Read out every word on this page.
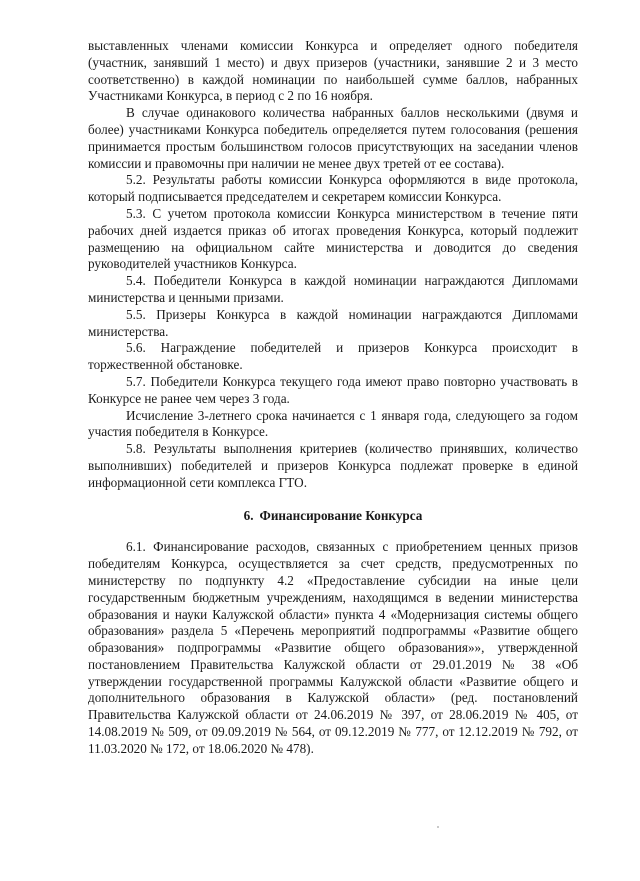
выставленных членами комиссии Конкурса и определяет одного победителя (участник, занявший 1 место) и двух призеров (участники, занявшие 2 и 3 место соответственно) в каждой номинации по наибольшей сумме баллов, набранных Участниками Конкурса, в период с 2 по 16 ноября.

В случае одинакового количества набранных баллов несколькими (двумя и более) участниками Конкурса победитель определяется путем голосования (решения принимается простым большинством голосов присутствующих на заседании членов комиссии и правомочны при наличии не менее двух третей от ее состава).

5.2. Результаты работы комиссии Конкурса оформляются в виде протокола, который подписывается председателем и секретарем комиссии Конкурса.

5.3. С учетом протокола комиссии Конкурса министерством в течение пяти рабочих дней издается приказ об итогах проведения Конкурса, который подлежит размещению на официальном сайте министерства и доводится до сведения руководителей участников Конкурса.

5.4. Победители Конкурса в каждой номинации награждаются Дипломами министерства и ценными призами.

5.5. Призеры Конкурса в каждой номинации награждаются Дипломами министерства.

5.6. Награждение победителей и призеров Конкурса происходит в торжественной обстановке.

5.7. Победители Конкурса текущего года имеют право повторно участвовать в Конкурсе не ранее чем через 3 года.

Исчисление 3-летнего срока начинается с 1 января года, следующего за годом участия победителя в Конкурсе.

5.8. Результаты выполнения критериев (количество принявших, количество выполнивших) победителей и призеров Конкурса подлежат проверке в единой информационной сети комплекса ГТО.

6. Финансирование Конкурса

6.1. Финансирование расходов, связанных с приобретением ценных призов победителям Конкурса, осуществляется за счет средств, предусмотренных по министерству по подпункту 4.2 «Предоставление субсидии на иные цели государственным бюджетным учреждениям, находящимся в ведении министерства образования и науки Калужской области» пункта 4 «Модернизация системы общего образования» раздела 5 «Перечень мероприятий подпрограммы «Развитие общего образования» подпрограммы «Развитие общего образования»», утвержденной постановлением Правительства Калужской области от 29.01.2019 № 38 «Об утверждении государственной программы Калужской области «Развитие общего и дополнительного образования в Калужской области» (ред. постановлений Правительства Калужской области от 24.06.2019 № 397, от 28.06.2019 № 405, от 14.08.2019 № 509, от 09.09.2019 № 564, от 09.12.2019 № 777, от 12.12.2019 № 792, от 11.03.2020 № 172, от 18.06.2020 № 478).
